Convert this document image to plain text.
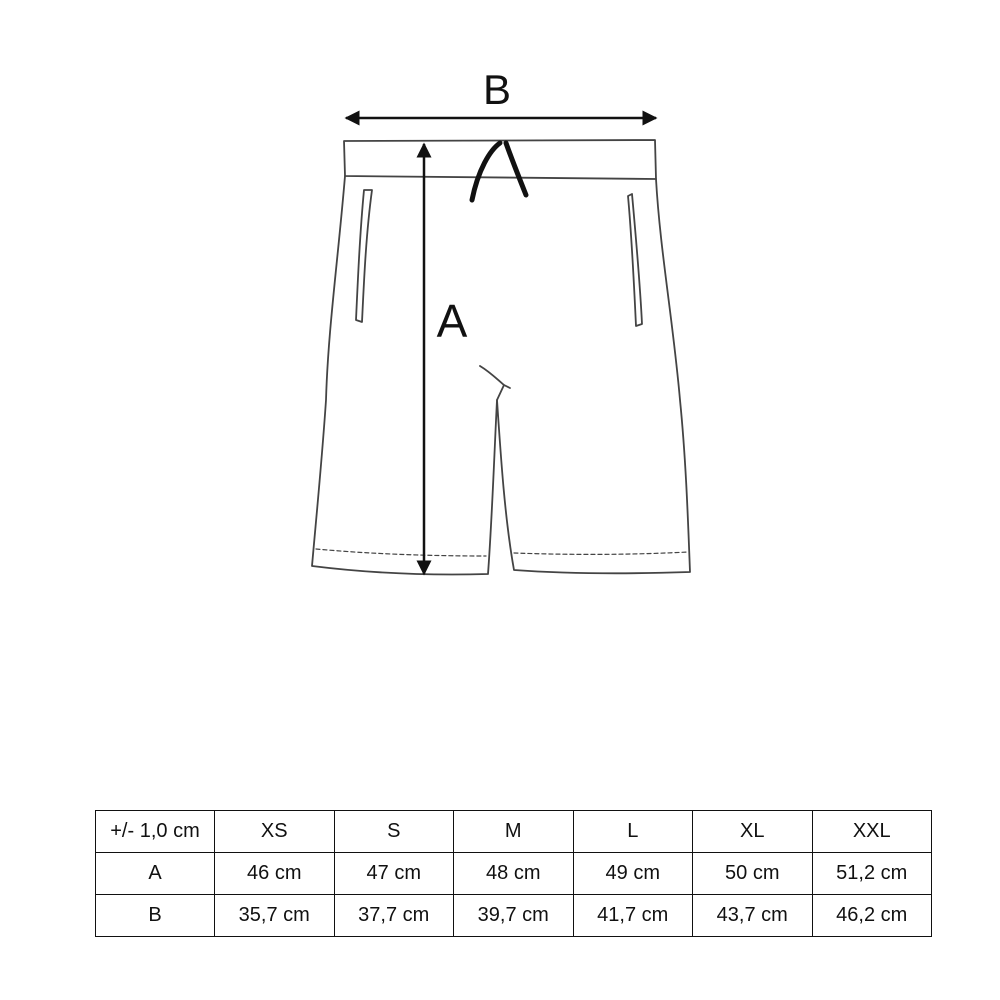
B
A
+/- 1,0 cm	XS	S	M	L	XL	XXL
A	46 cm	47 cm	48 cm	49 cm	50 cm	51,2 cm
B	35,7 cm	37,7 cm	39,7 cm	41,7 cm	43,7 cm	46,2 cm
